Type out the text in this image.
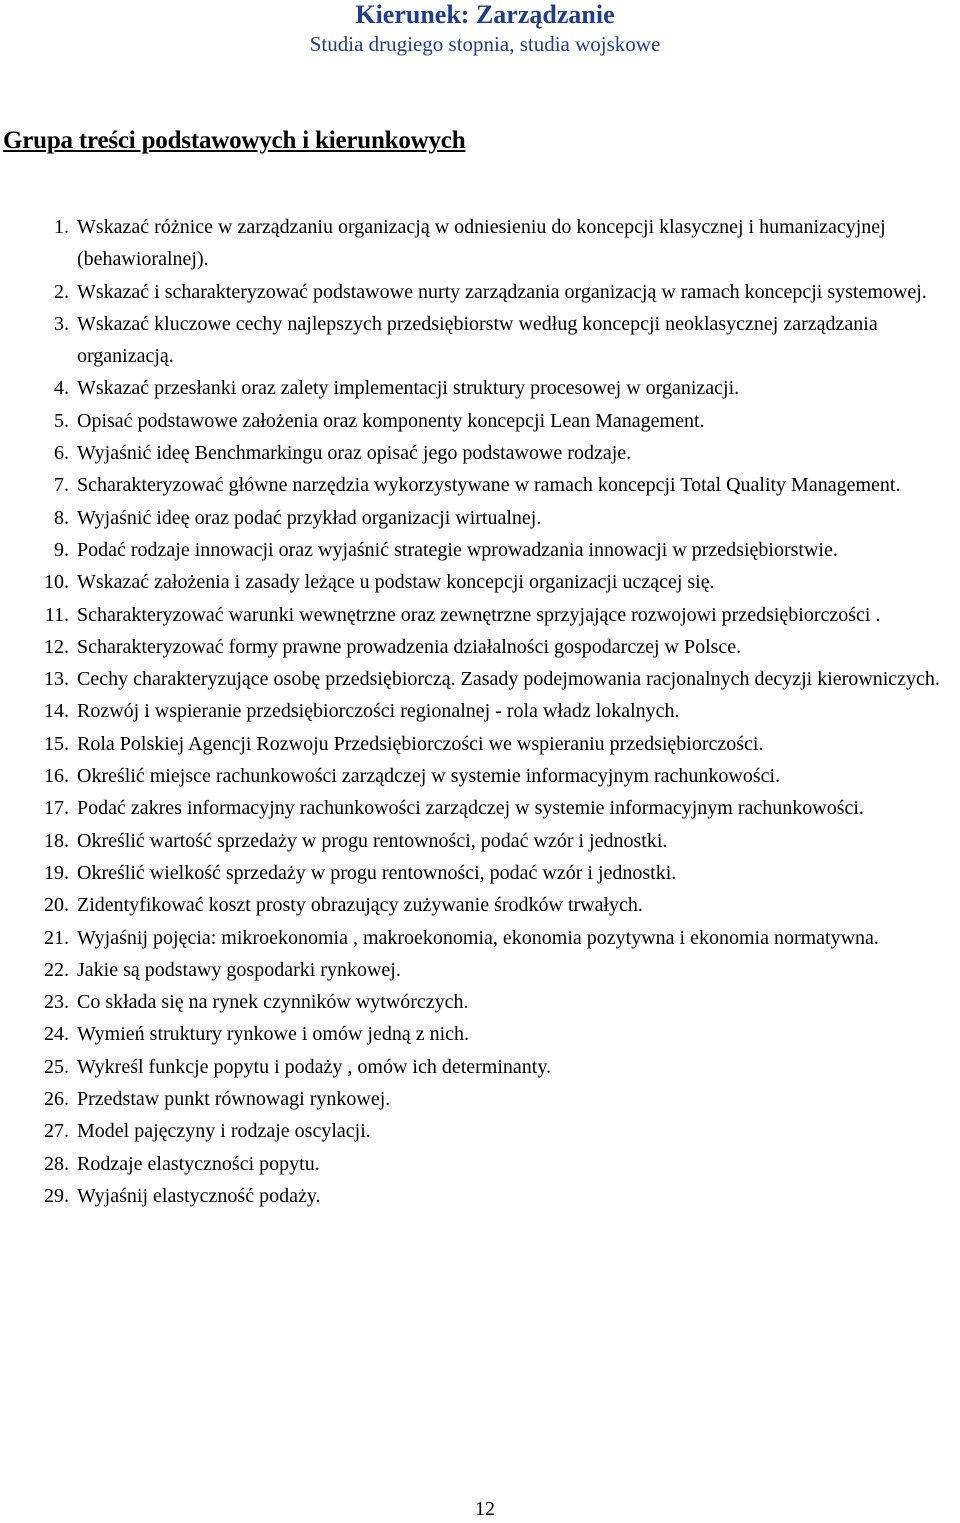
Kierunek: Zarządzanie
Studia drugiego stopnia, studia wojskowe
Grupa treści podstawowych i kierunkowych
1. Wskazać różnice w zarządzaniu organizacją w odniesieniu do koncepcji klasycznej i humanizacyjnej (behawioralnej).
2. Wskazać i scharakteryzować podstawowe nurty zarządzania organizacją w ramach koncepcji systemowej.
3. Wskazać kluczowe cechy najlepszych przedsiębiorstw według koncepcji neoklasycznej zarządzania organizacją.
4. Wskazać przesłanki oraz zalety implementacji struktury procesowej w organizacji.
5. Opisać podstawowe założenia oraz komponenty koncepcji Lean Management.
6. Wyjaśnić ideę Benchmarkingu oraz opisać jego podstawowe rodzaje.
7. Scharakteryzować główne narzędzia wykorzystywane w ramach koncepcji Total Quality Management.
8. Wyjaśnić ideę oraz podać przykład organizacji wirtualnej.
9. Podać rodzaje innowacji oraz wyjaśnić strategie wprowadzania innowacji w przedsiębiorstwie.
10. Wskazać założenia i zasady leżące u podstaw koncepcji organizacji uczącej się.
11. Scharakteryzować warunki wewnętrzne oraz zewnętrzne sprzyjające rozwojowi przedsiębiorczości .
12. Scharakteryzować formy prawne prowadzenia działalności gospodarczej w Polsce.
13. Cechy charakteryzujące osobę przedsiębiorczą. Zasady podejmowania racjonalnych decyzji kierowniczych.
14. Rozwój i wspieranie przedsiębiorczości regionalnej - rola władz lokalnych.
15. Rola Polskiej Agencji Rozwoju Przedsiębiorczości we wspieraniu przedsiębiorczości.
16. Określić miejsce rachunkowości zarządczej w systemie informacyjnym rachunkowości.
17. Podać zakres informacyjny rachunkowości zarządczej w systemie informacyjnym rachunkowości.
18. Określić wartość sprzedaży w progu rentowności, podać wzór i jednostki.
19. Określić wielkość sprzedaży w progu rentowności, podać wzór i jednostki.
20. Zidentyfikować koszt prosty obrazujący zużywanie środków trwałych.
21. Wyjaśnij pojęcia: mikroekonomia , makroekonomia, ekonomia pozytywna i ekonomia normatywna.
22. Jakie są podstawy gospodarki rynkowej.
23. Co składa się na rynek czynników wytwórczych.
24. Wymień struktury rynkowe i omów jedną z nich.
25. Wykreśl funkcje popytu i podaży , omów ich determinanty.
26. Przedstaw punkt równowagi rynkowej.
27. Model pajęczyny i rodzaje oscylacji.
28. Rodzaje elastyczności popytu.
29. Wyjaśnij elastyczność podaży.
12
